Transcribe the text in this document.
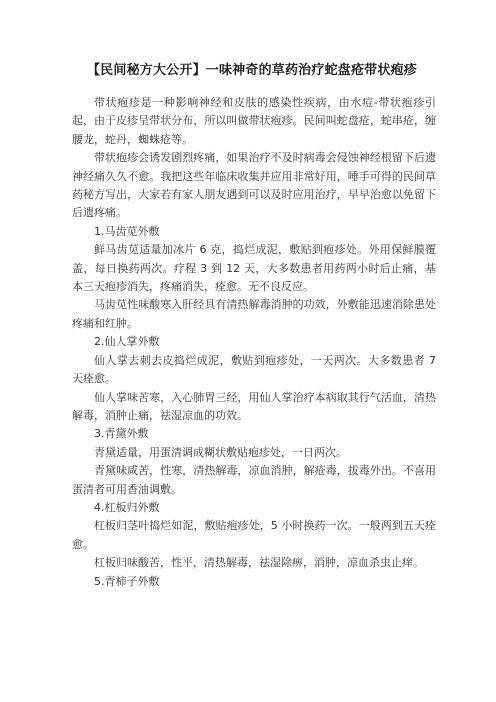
【民间秘方大公开】一味神奇的草药治疗蛇盘疮带状疱疹

带状疱疹是一种影响神经和皮肤的感染性疾病，由水痘-带状疱疹引起，由于皮疹呈带状分布，所以叫做带状疱疹。民间叫蛇盘疮，蛇串疮，缠腰龙，蛇丹，蜘蛛疮等。

带状疱疹会诱发剧烈疼痛，如果治疗不及时病毒会侵蚀神经根留下后遗神经痛久久不愈。我把这些年临床收集并应用非常好用，唾手可得的民间草药秘方写出，大家若有家人朋友遇到可以及时应用治疗，早早治愈以免留下后遗疼痛。

1.马齿苋外敷

鲜马齿苋适量加冰片 6 克，捣烂成泥，敷贴到疱疹处。外用保鲜膜覆盖，每日换药两次。疗程 3 到 12 天，大多数患者用药两小时后止痛，基本三天疱疹消失，疼痛消失，痊愈。无不良反应。

马齿苋性味酸寒入肝经具有清热解毒消肿的功效，外敷能迅速消除患处疼痛和红肿。

2.仙人掌外敷

仙人掌去刺去皮捣烂成泥，敷贴到疱疹处，一天两次。大多数患者 7 天痊愈。

仙人掌味苦寒，入心肺胃三经，用仙人掌治疗本病取其行气活血，清热解毒，消肿止痛，祛湿凉血的功效。

3.青黛外敷

青黛适量，用蛋清调成糊状敷贴疱疹处，一日两次。

青黛味咸苦，性寒，清热解毒，凉血消肿，解疮毒，拔毒外出。不喜用蛋清者可用香油调敷。

4.杠板归外敷

杠板归茎叶捣烂如泥，敷贴疱疹处，5 小时换药一次。一般两到五天痊愈。

杠板归味酸苦，性平，清热解毒，祛湿除痹，消肿，凉血杀虫止痒。

5.青柿子外敷
